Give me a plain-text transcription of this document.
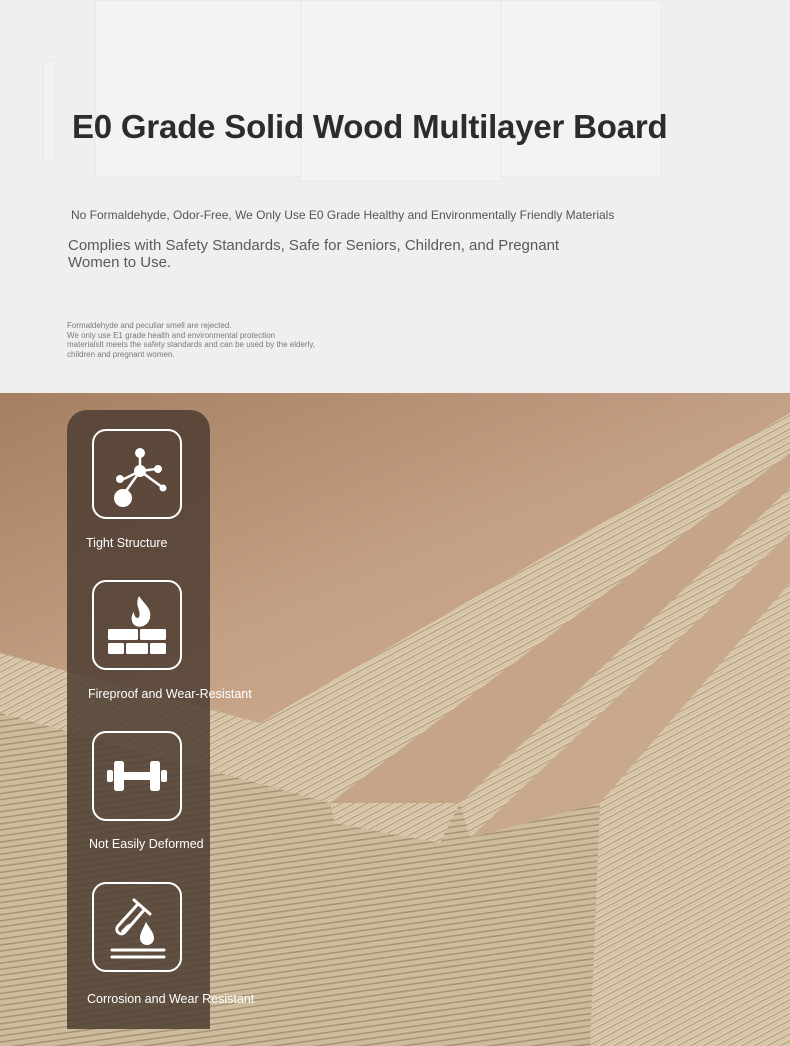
E0 Grade Solid Wood Multilayer Board

No Formaldehyde, Odor-Free, We Only Use E0 Grade Healthy and Environmentally Friendly Materials

Complies with Safety Standards, Safe for Seniors, Children, and Pregnant Women to Use.

Formaldehyde and peculiar smell are rejected.
We only use E1 grade health and environmental protection
materialsIt meets the safety standards and can be used by the elderly,
children and pregnant women.

Tight Structure

Fireproof and Wear-Resistant

Not Easily Deformed

Corrosion and Wear Resistant
